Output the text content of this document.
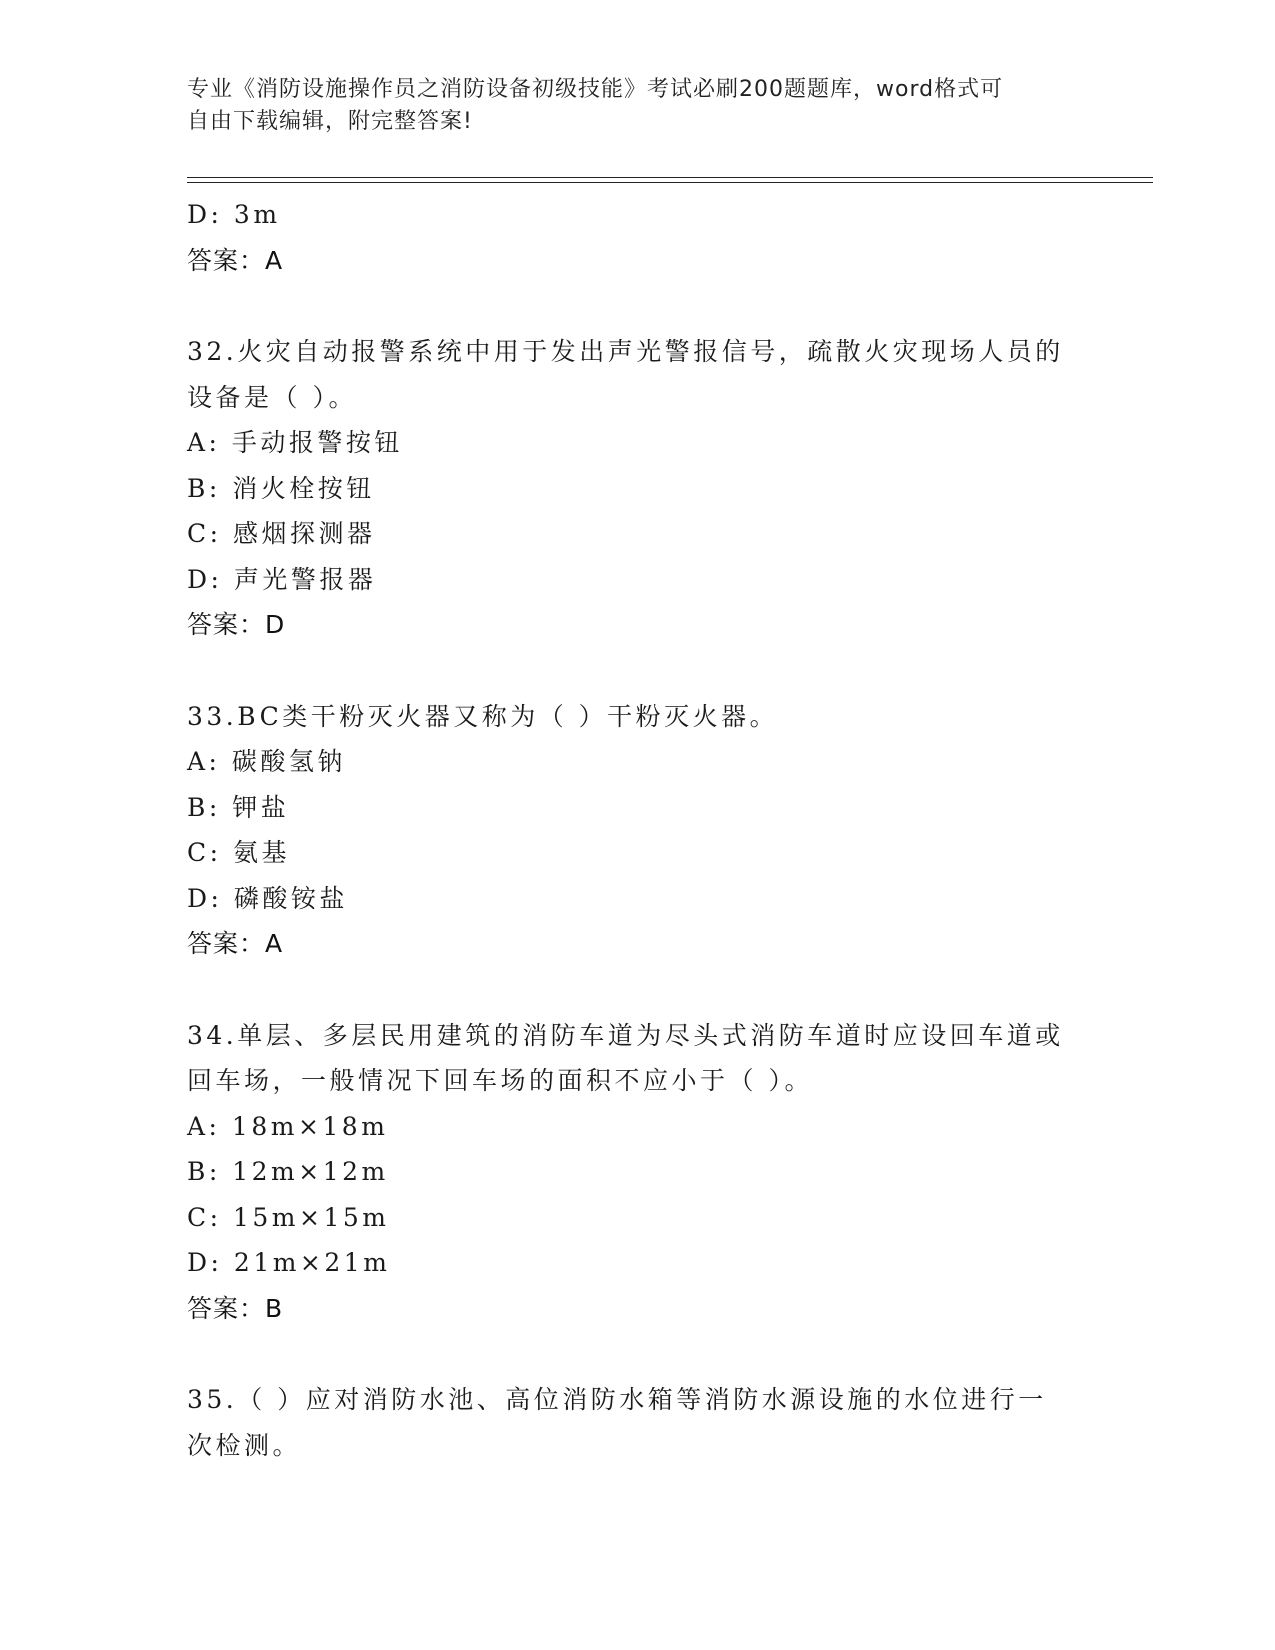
专业《消防设施操作员之消防设备初级技能》考试必刷200题题库，word格式可
自由下载编辑，附完整答案!
D: 3m
答案：A
32.火灾自动报警系统中用于发出声光警报信号，疏散火灾现场人员的
设备是（ ）。
A: 手动报警按钮
B: 消火栓按钮
C: 感烟探测器
D: 声光警报器
答案：D
33.BC类干粉灭火器又称为（ ）干粉灭火器。
A: 碳酸氢钠
B: 钾盐
C: 氨基
D: 磷酸铵盐
答案：A
34.单层、多层民用建筑的消防车道为尽头式消防车道时应设回车道或
回车场，一般情况下回车场的面积不应小于（ ）。
A: 18m×18m
B: 12m×12m
C: 15m×15m
D: 21m×21m
答案：B
35.（ ）应对消防水池、高位消防水箱等消防水源设施的水位进行一
次检测。
